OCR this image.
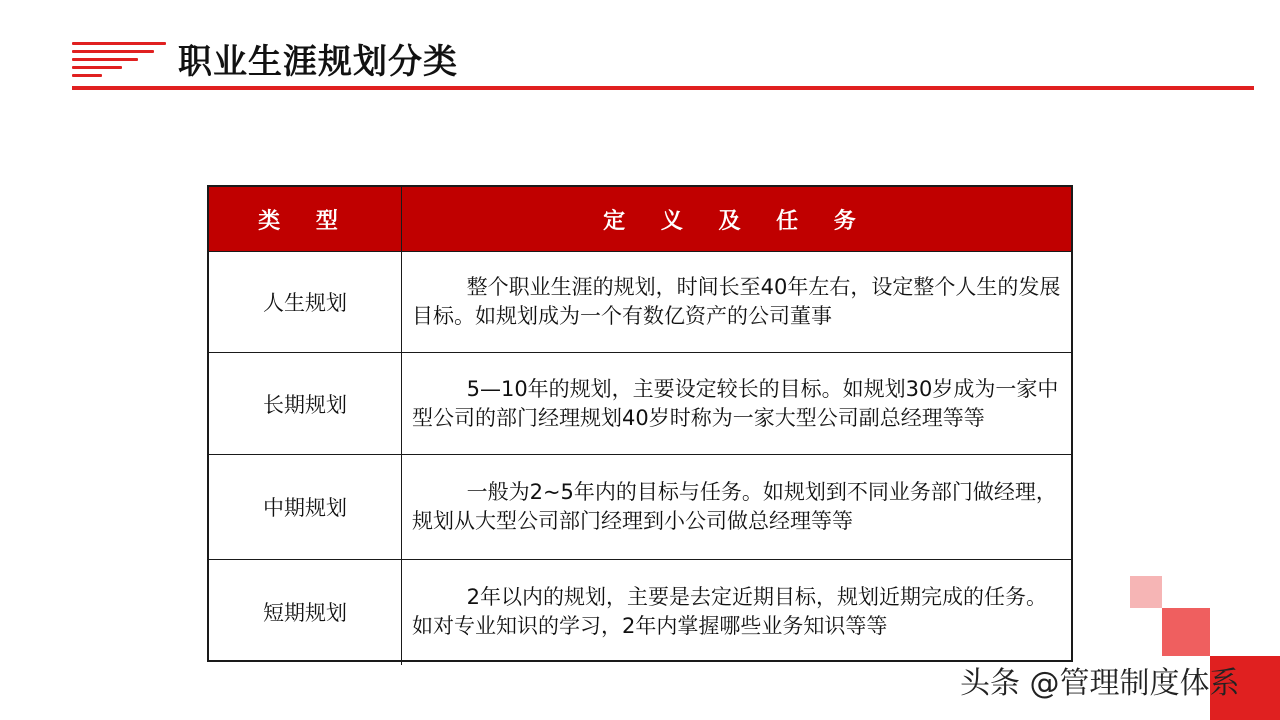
职业生涯规划分类
类 型	定 义 及 任 务
人生规划	整个职业生涯的规划，时间长至40年左右，设定整个人生的发展目标。如规划成为一个有数亿资产的公司董事
长期规划	5—10年的规划，主要设定较长的目标。如规划30岁成为一家中型公司的部门经理规划40岁时称为一家大型公司副总经理等等
中期规划	一般为2~5年内的目标与任务。如规划到不同业务部门做经理，规划从大型公司部门经理到小公司做总经理等等
短期规划	2年以内的规划，主要是去定近期目标，规划近期完成的任务。如对专业知识的学习，2年内掌握哪些业务知识等等
头条 @管理制度体系
